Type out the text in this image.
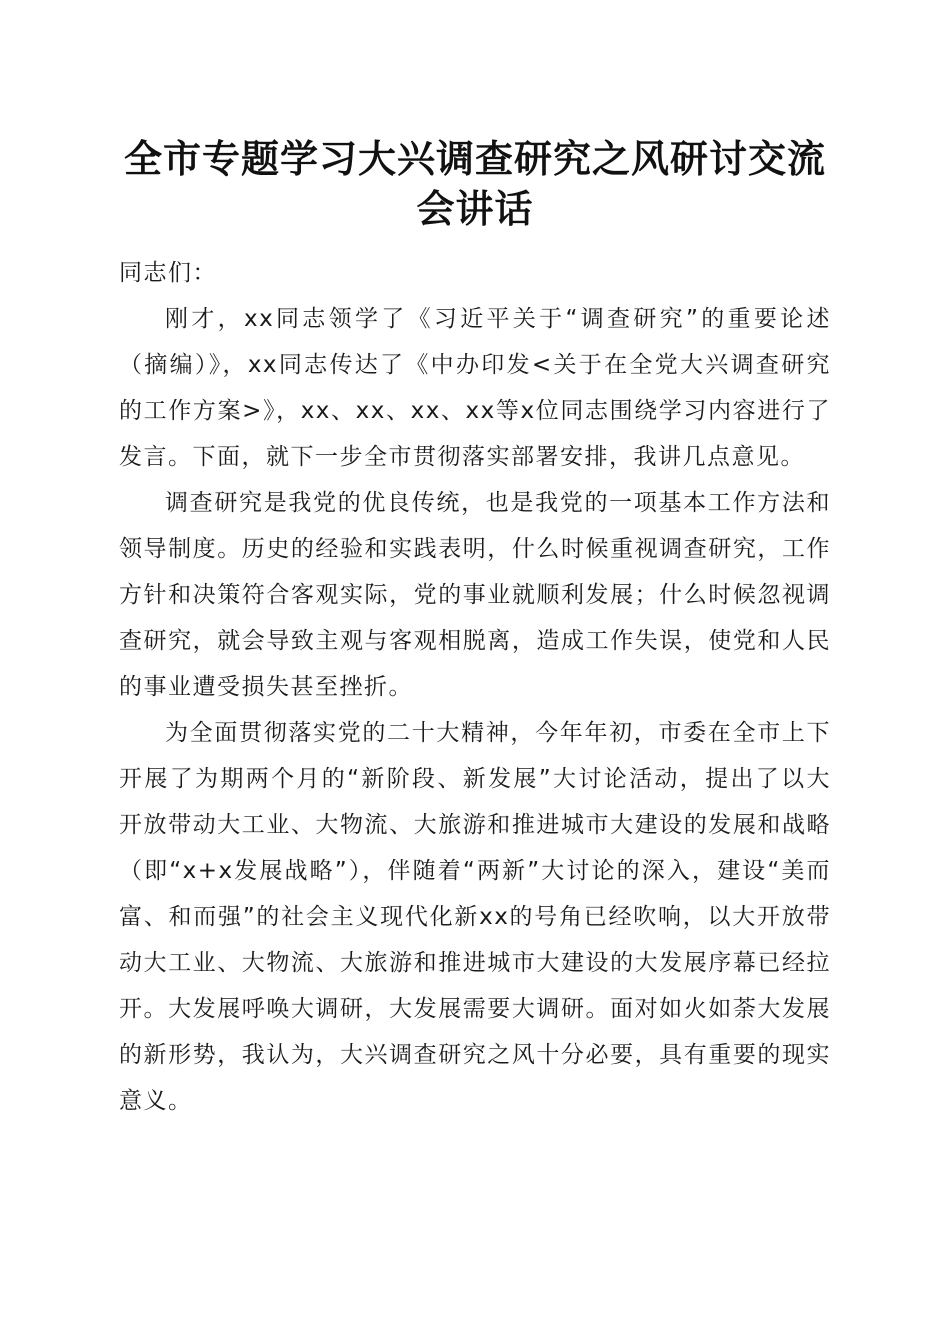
全市专题学习大兴调查研究之风研讨交流会讲话

同志们：

刚才，xx同志领学了《习近平关于“调查研究”的重要论述（摘编）》，xx同志传达了《中办印发<关于在全党大兴调查研究的工作方案>》，xx、xx、xx、xx等x位同志围绕学习内容进行了发言。下面，就下一步全市贯彻落实部署安排，我讲几点意见。

调查研究是我党的优良传统，也是我党的一项基本工作方法和领导制度。历史的经验和实践表明，什么时候重视调查研究，工作方针和决策符合客观实际，党的事业就顺利发展；什么时候忽视调查研究，就会导致主观与客观相脱离，造成工作失误，使党和人民的事业遭受损失甚至挫折。

为全面贯彻落实党的二十大精神，今年年初，市委在全市上下开展了为期两个月的“新阶段、新发展”大讨论活动，提出了以大开放带动大工业、大物流、大旅游和推进城市大建设的发展和战略（即“x+x发展战略”），伴随着“两新”大讨论的深入，建设“美而富、和而强”的社会主义现代化新xx的号角已经吹响，以大开放带动大工业、大物流、大旅游和推进城市大建设的大发展序幕已经拉开。大发展呼唤大调研，大发展需要大调研。面对如火如荼大发展的新形势，我认为，大兴调查研究之风十分必要，具有重要的现实意义。
